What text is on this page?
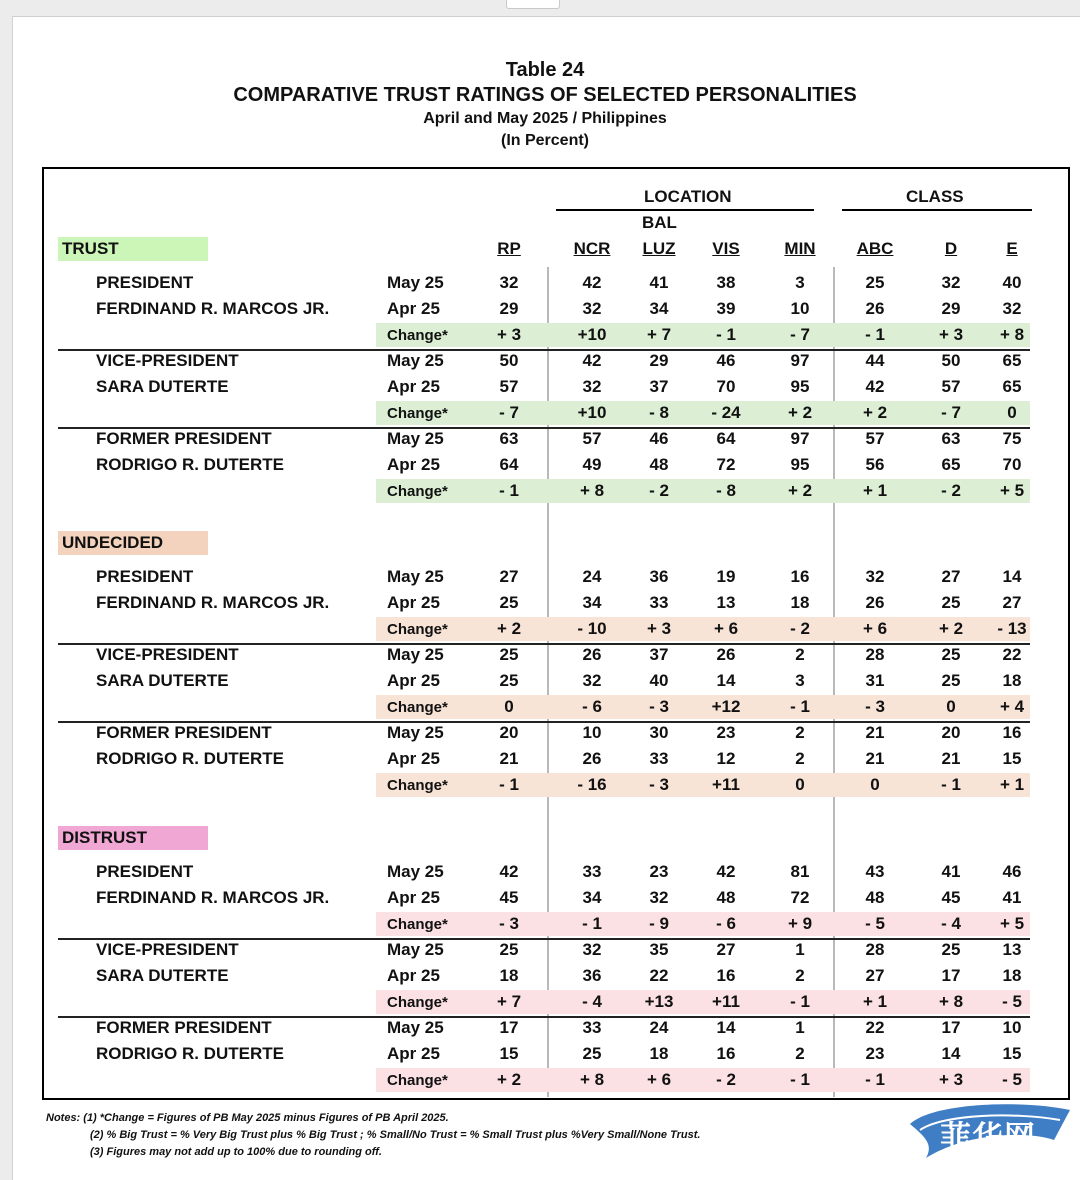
Table 24
COMPARATIVE TRUST RATINGS OF SELECTED PERSONALITIES
April and May 2025 / Philippines
(In Percent)
LOCATION	CLASS
BAL
RP	NCR	LUZ	VIS	MIN	ABC	D	E
TRUST
PRESIDENT
FERDINAND R. MARCOS JR.
May 25	32	42	41	38	3	25	32	40
Apr 25	29	32	34	39	10	26	29	32
Change*	+ 3	+10	+ 7	- 1	- 7	- 1	+ 3	+ 8
VICE-PRESIDENT
SARA DUTERTE
May 25	50	42	29	46	97	44	50	65
Apr 25	57	32	37	70	95	42	57	65
Change*	- 7	+10	- 8	- 24	+ 2	+ 2	- 7	0
FORMER PRESIDENT
RODRIGO R. DUTERTE
May 25	63	57	46	64	97	57	63	75
Apr 25	64	49	48	72	95	56	65	70
Change*	- 1	+ 8	- 2	- 8	+ 2	+ 1	- 2	+ 5
UNDECIDED
PRESIDENT
FERDINAND R. MARCOS JR.
May 25	27	24	36	19	16	32	27	14
Apr 25	25	34	33	13	18	26	25	27
Change*	+ 2	- 10	+ 3	+ 6	- 2	+ 6	+ 2	- 13
VICE-PRESIDENT
SARA DUTERTE
May 25	25	26	37	26	2	28	25	22
Apr 25	25	32	40	14	3	31	25	18
Change*	0	- 6	- 3	+12	- 1	- 3	0	+ 4
FORMER PRESIDENT
RODRIGO R. DUTERTE
May 25	20	10	30	23	2	21	20	16
Apr 25	21	26	33	12	2	21	21	15
Change*	- 1	- 16	- 3	+11	0	0	- 1	+ 1
DISTRUST
PRESIDENT
FERDINAND R. MARCOS JR.
May 25	42	33	23	42	81	43	41	46
Apr 25	45	34	32	48	72	48	45	41
Change*	- 3	- 1	- 9	- 6	+ 9	- 5	- 4	+ 5
VICE-PRESIDENT
SARA DUTERTE
May 25	25	32	35	27	1	28	25	13
Apr 25	18	36	22	16	2	27	17	18
Change*	+ 7	- 4	+13	+11	- 1	+ 1	+ 8	- 5
FORMER PRESIDENT
RODRIGO R. DUTERTE
May 25	17	33	24	14	1	22	17	10
Apr 25	15	25	18	16	2	23	14	15
Change*	+ 2	+ 8	+ 6	- 2	- 1	- 1	+ 3	- 5
Notes: (1) *Change = Figures of PB May 2025 minus Figures of PB April 2025.
(2) % Big Trust = % Very Big Trust plus % Big Trust ; % Small/No Trust = % Small Trust plus %Very Small/None Trust.
(3) Figures may not add up to 100% due to rounding off.	菲华网
